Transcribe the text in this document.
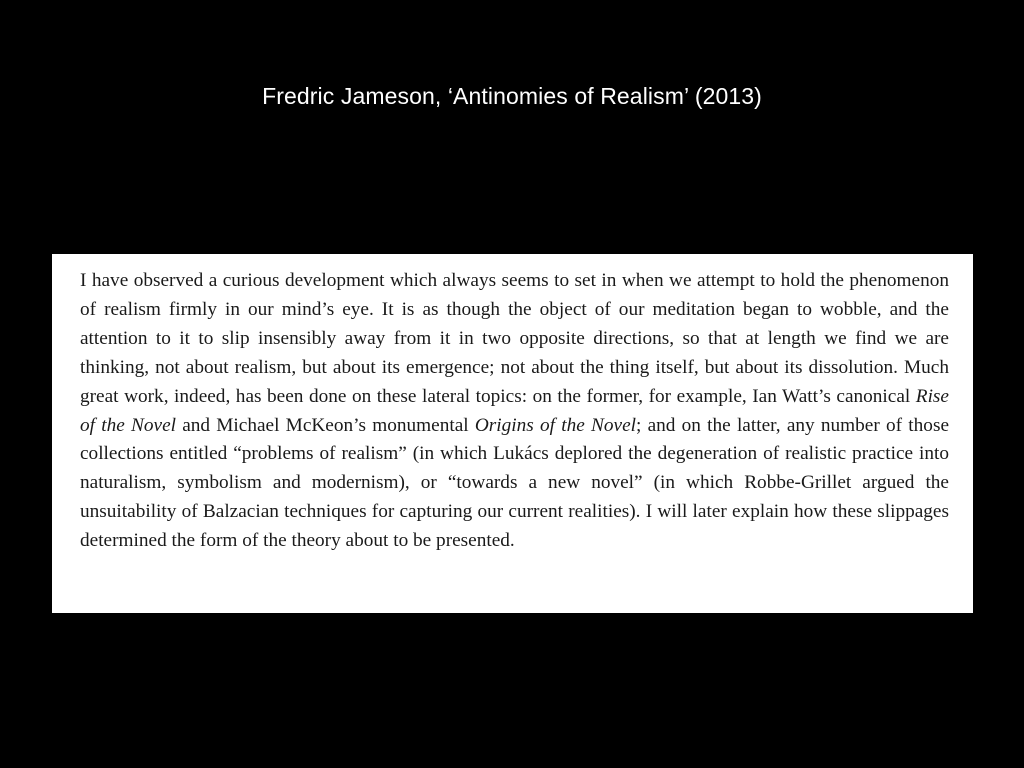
Fredric Jameson, ‘Antinomies of Realism’ (2013)

I have observed a curious development which always seems to set in when we attempt to hold the phenomenon of realism firmly in our mind’s eye. It is as though the object of our meditation began to wobble, and the attention to it to slip insensibly away from it in two opposite directions, so that at length we find we are thinking, not about realism, but about its emergence; not about the thing itself, but about its dissolution. Much great work, indeed, has been done on these lateral topics: on the former, for example, Ian Watt’s canonical Rise of the Novel and Michael McKeon’s monumental Origins of the Novel; and on the latter, any number of those collections entitled “problems of realism” (in which Lukács deplored the degeneration of realistic practice into naturalism, symbolism and modernism), or “towards a new novel” (in which Robbe-Grillet argued the unsuitability of Balzacian techniques for capturing our current realities). I will later explain how these slippages determined the form of the theory about to be presented.
